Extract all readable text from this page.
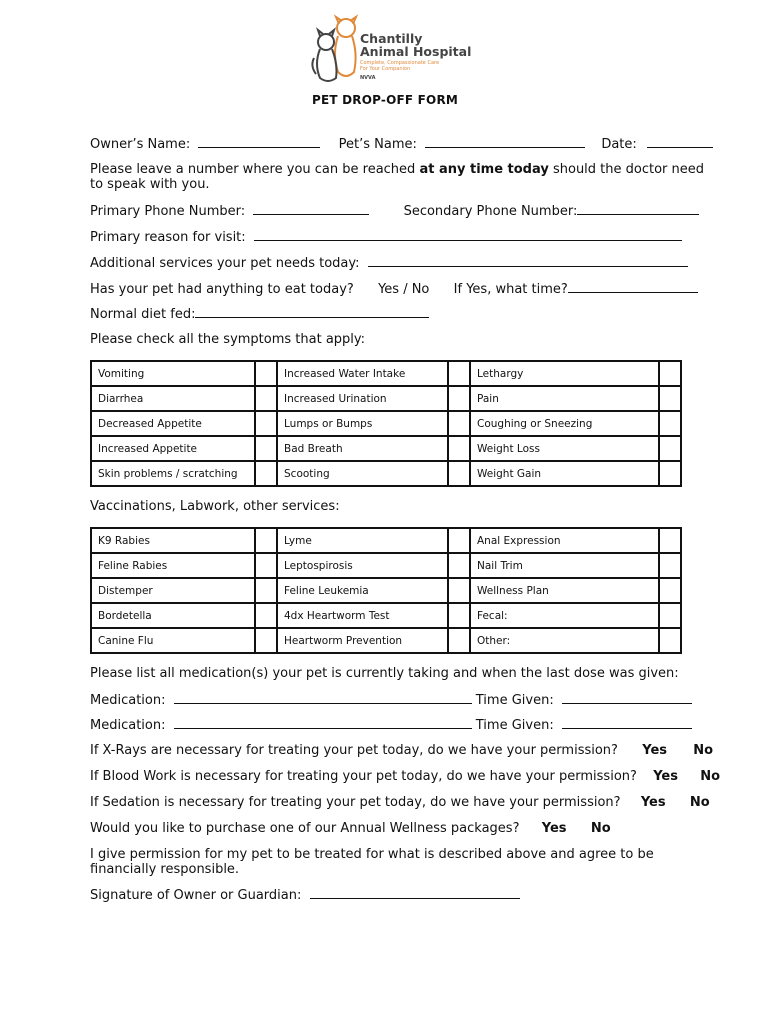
Chantilly
Animal Hospital
Complete, Compassionate Care
For Your Companion
NVVA
PET DROP-OFF FORM
Owner’s Name:	Pet’s Name:	Date:
Please leave a number where you can be reached at any time today should the doctor need
to speak with you.
Primary Phone Number:	Secondary Phone Number:
Primary reason for visit:
Additional services your pet needs today:
Has your pet had anything to eat today? Yes / No If Yes, what time?
Normal diet fed:
Please check all the symptoms that apply:
Vomiting		Increased Water Intake		Lethargy	
Diarrhea		Increased Urination		Pain	
Decreased Appetite		Lumps or Bumps		Coughing or Sneezing	
Increased Appetite		Bad Breath		Weight Loss	
Skin problems / scratching		Scooting		Weight Gain	
Vaccinations, Labwork, other services:
K9 Rabies		Lyme		Anal Expression	
Feline Rabies		Leptospirosis		Nail Trim	
Distemper		Feline Leukemia		Wellness Plan	
Bordetella		4dx Heartworm Test		Fecal:	
Canine Flu		Heartworm Prevention		Other:	
Please list all medication(s) your pet is currently taking and when the last dose was given:
Medication:	Time Given:
Medication:	Time Given:
If X-Rays are necessary for treating your pet today, do we have your permission? Yes No
If Blood Work is necessary for treating your pet today, do we have your permission? Yes No
If Sedation is necessary for treating your pet today, do we have your permission? Yes No
Would you like to purchase one of our Annual Wellness packages? Yes No
I give permission for my pet to be treated for what is described above and agree to be
financially responsible.
Signature of Owner or Guardian:
